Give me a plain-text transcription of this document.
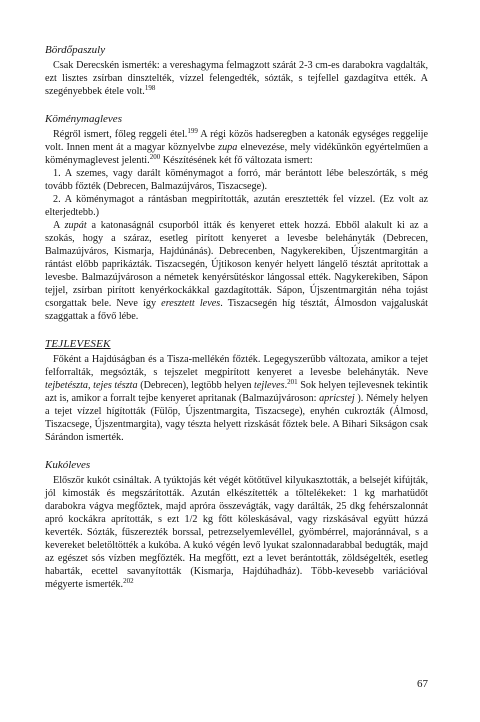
Bördőpaszuly

Csak Derecskén ismerték: a vereshagyma felmagzott szárát 2-3 cm-es darabokra vagdalták, ezt lisztes zsírban dinsztelték, vízzel felengedték, sózták, s tejfellel gazdagítva ették. A szegényebbek étele volt.$^{198}$

Köménymagleves

Régről ismert, főleg reggeli étel.$^{199}$ A régi közös hadseregben a katonák egységes reggelije volt. Innen ment át a magyar köznyelvbe zupa elnevezése, mely vidékünkön egyértelműen a köménymaglevest jelenti.$^{200}$ Készítésének két fő változata ismert:

1. A szemes, vagy darált köménymagot a forró, már berántott lébe beleszórták, s még tovább főzték (Debrecen, Balmazújváros, Tiszacsege).

2. A köménymagot a rántásban megpirították, azután eresztették fel vízzel. (Ez volt az elterjedtebb.)

A zupát a katonaságnál csuporból itták és kenyeret ettek hozzá. Ebből alakult ki az a szokás, hogy a száraz, esetleg pirított kenyeret a levesbe belehányták (Debrecen, Balmazújváros, Kismarja, Hajdúnánás). Debrecenben, Nagykerekiben, Újszentmargitán a rántást előbb paprikázták. Tiszacsegén, Újtikoson kenyér helyett lángelő tésztát aprítottak a levesbe. Balmazújvároson a németek kenyérsütéskor lángossal ették. Nagykerekiben, Sápon tejjel, zsírban pirított kenyérkockákkal gazdagították. Sápon, Újszentmargitán néha tojást csorgattak bele. Neve így eresztett leves. Tiszacsegén híg tésztát, Álmosdon vajgaluskát szaggattak a fővő lébe.

TEJLEVESEK

Főként a Hajdúságban és a Tisza-mellékén főzték. Legegyszerűbb változata, amikor a tejet felforralták, megsózták, s tejszelet megpirított kenyeret a levesbe belehányták. Neve tejbetészta, tejes tészta (Debrecen), legtöbb helyen tejleves.$^{201}$ Sok helyen tejlevesnek tekintik azt is, amikor a forralt tejbe kenyeret apritanak (Balmazújvároson: apricstej ). Némely helyen a tejet vízzel hígították (Fülöp, Újszentmargita, Tiszacsege), enyhén cukrozták (Álmosd, Tiszacsege, Újszentmargita), vagy tészta helyett rizskását főztek bele. A Bihari Sikságon csak Sárándon ismerték.

Kukóleves

Először kukót csináltak. A tyúktojás két végét kötőtűvel kilyukasztották, a belsejét kifújták, jól kimosták és megszárították. Azután elkészítették a töltelékeket: 1 kg marhatüdőt darabokra vágva megfőztek, majd apróra összevágták, vagy darálták, 25 dkg fehérszalonnát apró kockákra aprították, s ezt 1/2 kg főtt köleskásával, vagy rizskásával együtt húzzá keverték. Sózták, fűszerezték borssal, petrezselyemlevéllel, gyömbérrel, majoránnával, s a kevereket beletöltötték a kukóba. A kukó végén levő lyukat szalonnadarabbal bedugták, majd az egészet sós vízben megfőzték. Ha megfőtt, ezt a levet berántották, zöldségelték, esetleg habarták, ecettel savanyították (Kismarja, Hajdúhadház). Több-kevesebb variációval mégyerte ismerték.$^{202}$

67
